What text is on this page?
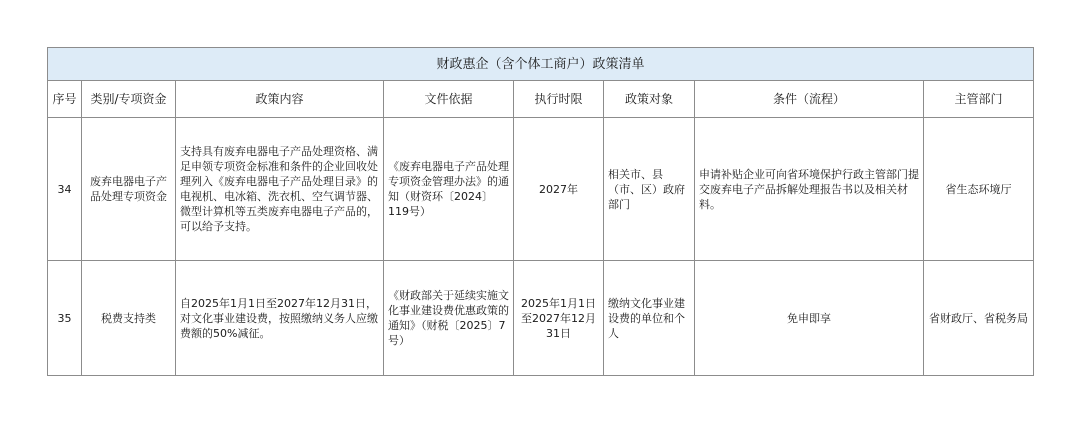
财政惠企（含个体工商户）政策清单							
序号	类别/专项资金	政策内容	文件依据	执行时限	政策对象	条件（流程）	主管部门
34	废弃电器电子产品处理专项资金	支持具有废弃电器电子产品处理资格、满足申领专项资金标准和条件的企业回收处理列入《废弃电器电子产品处理目录》的电视机、电冰箱、洗衣机、空气调节器、微型计算机等五类废弃电器电子产品的，可以给予支持。	《废弃电器电子产品处理专项资金管理办法》的通知（财资环〔2024〕119号）	2027年	相关市、县（市、区）政府部门	申请补贴企业可向省环境保护行政主管部门提交废弃电子产品拆解处理报告书以及相关材料。	省生态环境厅
35	税费支持类	自2025年1月1日至2027年12月31日，对文化事业建设费，按照缴纳义务人应缴费额的50%减征。	《财政部关于延续实施文化事业建设费优惠政策的通知》（财税〔2025〕7号）	2025年1月1日至2027年12月31日	缴纳文化事业建设费的单位和个人	免申即享	省财政厅、省税务局
